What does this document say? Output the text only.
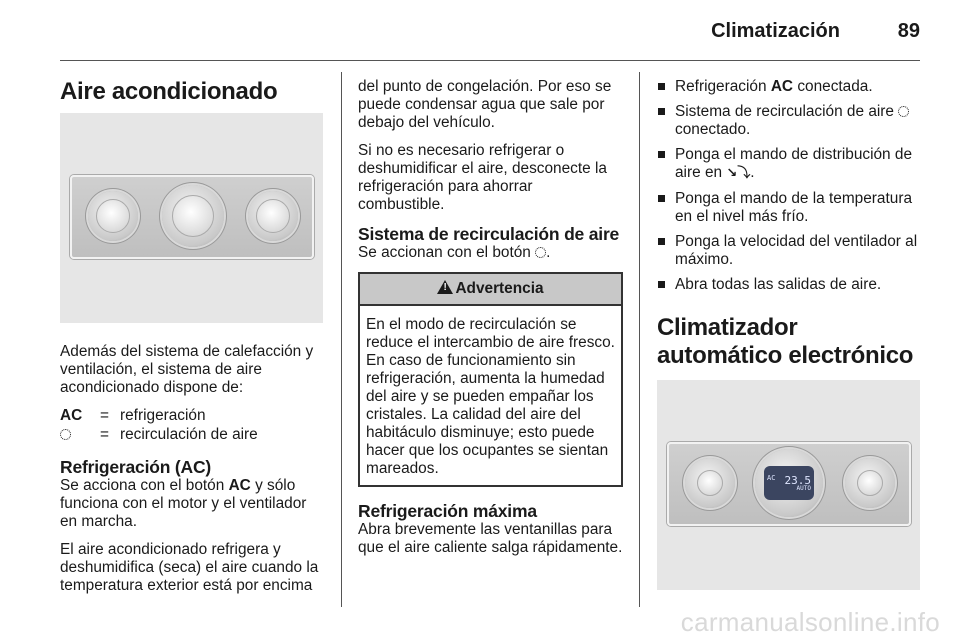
Climatización	89
Aire acondicionado

Además del sistema de calefacción y ventilación, el sistema de aire acondicionado dispone de:

AC	= refrigeración
= recirculación de aire
Refrigeración (AC)

Se acciona con el botón AC y sólo funciona con el motor y el ventilador en marcha.

El aire acondicionado refrigera y deshumidifica (seca) el aire cuando la temperatura exterior está por encima

del punto de congelación. Por eso se puede condensar agua que sale por debajo del vehículo.

Si no es necesario refrigerar o deshumidificar el aire, desconecte la refrigeración para ahorrar combustible.

Sistema de recirculación de aire

Se accionan con el botón .

!Advertencia
En el modo de recirculación se reduce el intercambio de aire fresco. En caso de funcionamiento sin refrigeración, aumenta la humedad del aire y se pueden empañar los cristales. La calidad del aire del habitáculo disminuye; esto puede hacer que los ocupantes se sientan mareados.
Refrigeración máxima

Abra brevemente las ventanillas para que el aire caliente salga rápidamente.

Refrigeración AC conectada.
Sistema de recirculación de aire  conectado.
Ponga el mando de distribución de aire en ↘⤵.
Ponga el mando de la temperatura en el nivel más frío.
Ponga la velocidad del ventilador al máximo.
Abra todas las salidas de aire.
Climatizador automático electrónico
AC 23.5
AUTO
carmanualsonline.info
